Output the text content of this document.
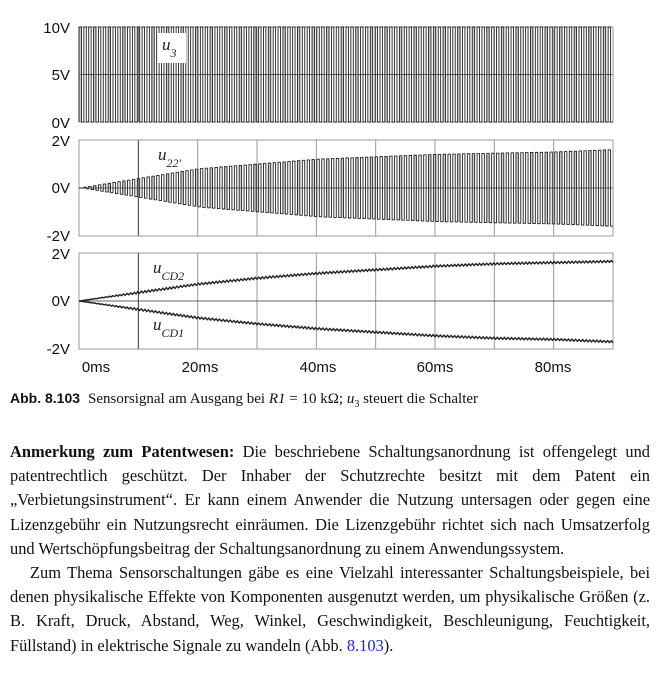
10V
5V
0V
2V
0V
-2V
2V
0V
-2V
0ms	20ms	40ms	60ms	80ms
$u_3$
$u_{22'}$
$u_{CD2}$
$u_{CD1}$
Abb. 8.103 Sensorsignal am Ausgang bei R1 = 10 kΩ; $u_3$ steuert die Schalter

Anmerkung zum Patentwesen: Die beschriebene Schaltungsanordnung ist offengelegt und patentrechtlich geschützt. Der Inhaber der Schutzrechte besitzt mit dem Patent ein „Verbietungsinstrument“. Er kann einem Anwender die Nutzung untersagen oder gegen eine Lizenzgebühr ein Nutzungsrecht einräumen. Die Lizenzgebühr richtet sich nach Umsatzerfolg und Wertschöpfungsbeitrag der Schaltungsanordnung zu einem Anwendungssystem.

Zum Thema Sensorschaltungen gäbe es eine Vielzahl interessanter Schaltungsbeispiele, bei denen physikalische Effekte von Komponenten ausgenutzt werden, um physikalische Größen (z. B. Kraft, Druck, Abstand, Weg, Winkel, Geschwindigkeit, Beschleunigung, Feuchtigkeit, Füllstand) in elektrische Signale zu wandeln (Abb. 8.103).
